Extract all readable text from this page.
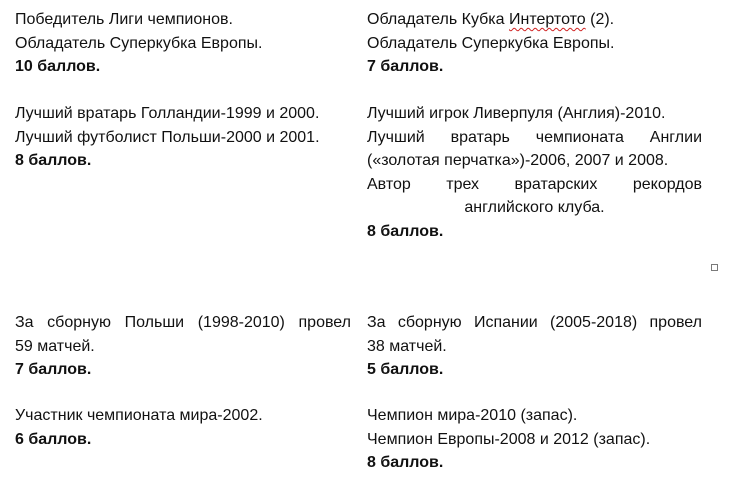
Победитель Лиги чемпионов.
Обладатель Суперкубка Европы.
10 баллов.
Лучший вратарь Голландии-1999 и 2000.
Лучший футболист Польши-2000 и 2001.
8 баллов.
За сборную Польши (1998-2010) провел
59 матчей.
7 баллов.
Участник чемпионата мира-2002.
6 баллов.
Обладатель Кубка Интертото (2).
Обладатель Суперкубка Европы.
7 баллов.
Лучший игрок Ливерпуля (Англия)-2010.
Лучший вратарь чемпионата Англии
(«золотая перчатка»)-2006, 2007 и 2008.
Автор трех вратарских рекордов
английского клуба.
8 баллов.
За сборную Испании (2005-2018) провел
38 матчей.
5 баллов.
Чемпион мира-2010 (запас).
Чемпион Европы-2008 и 2012 (запас).
8 баллов.
